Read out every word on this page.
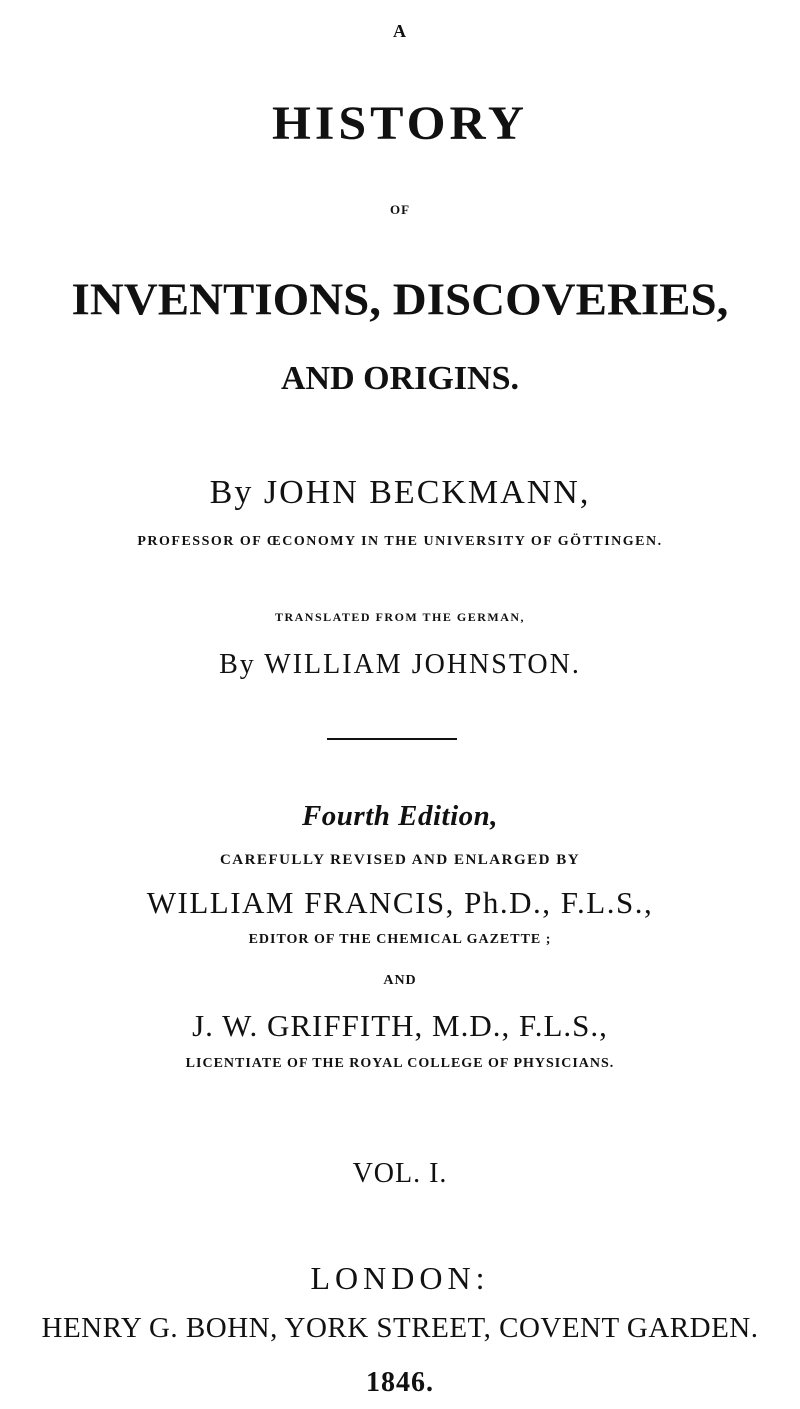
A
HISTORY
OF
INVENTIONS, DISCOVERIES,
AND ORIGINS.
By JOHN BECKMANN,
PROFESSOR OF ŒCONOMY IN THE UNIVERSITY OF GÖTTINGEN.
TRANSLATED FROM THE GERMAN,
By WILLIAM JOHNSTON.
Fourth Edition,
CAREFULLY REVISED AND ENLARGED BY
WILLIAM FRANCIS, Ph.D., F.L.S.,
EDITOR OF THE CHEMICAL GAZETTE ;
AND
J. W. GRIFFITH, M.D., F.L.S.,
LICENTIATE OF THE ROYAL COLLEGE OF PHYSICIANS.
VOL. I.
LONDON:
HENRY G. BOHN, YORK STREET, COVENT GARDEN.
1846.
